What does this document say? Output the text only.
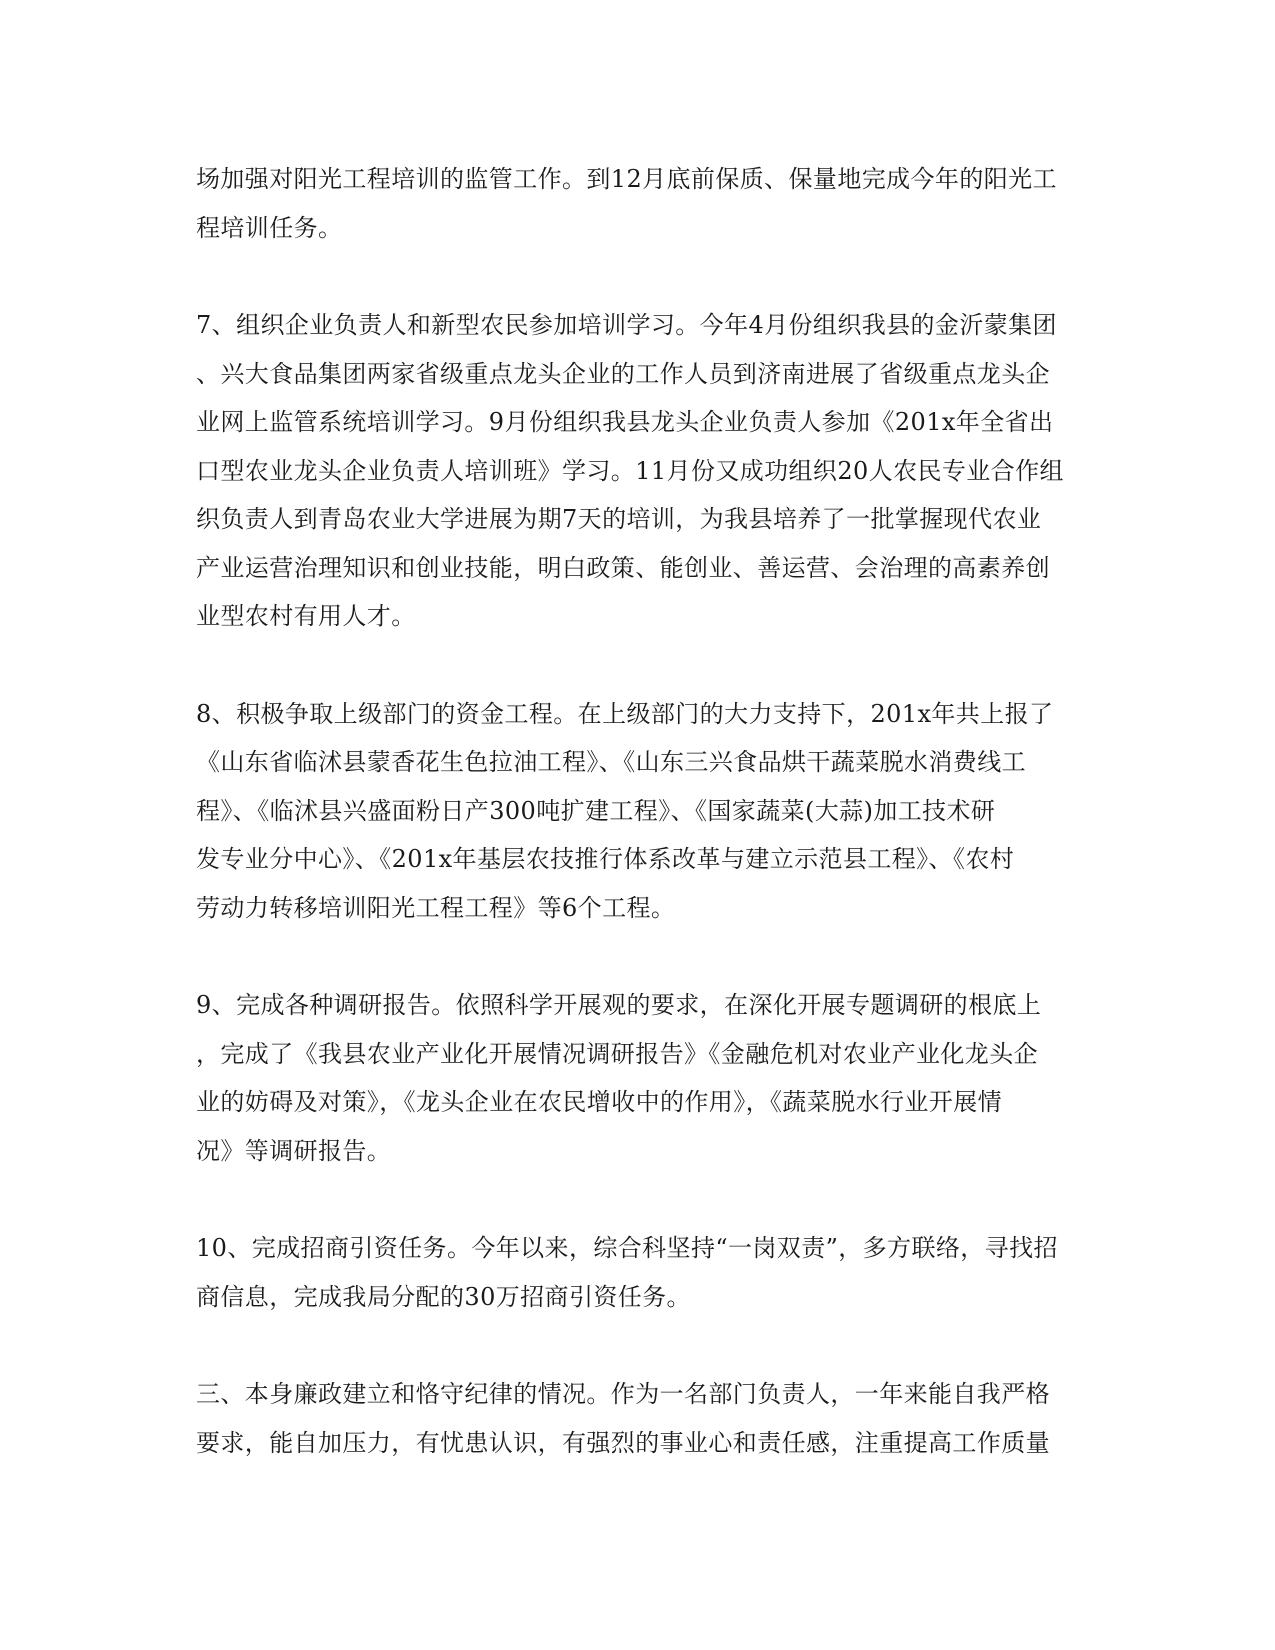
场加强对阳光工程培训的监管工作。到12月底前保质、保量地完成今年的阳光工
程培训任务。

7、组织企业负责人和新型农民参加培训学习。今年4月份组织我县的金沂蒙集团
、兴大食品集团两家省级重点龙头企业的工作人员到济南进展了省级重点龙头企
业网上监管系统培训学习。9月份组织我县龙头企业负责人参加《201x年全省出
口型农业龙头企业负责人培训班》学习。11月份又成功组织20人农民专业合作组
织负责人到青岛农业大学进展为期7天的培训，为我县培养了一批掌握现代农业
产业运营治理知识和创业技能，明白政策、能创业、善运营、会治理的高素养创
业型农村有用人才。

8、积极争取上级部门的资金工程。在上级部门的大力支持下，201x年共上报了
《山东省临沭县蒙香花生色拉油工程》、《山东三兴食品烘干蔬菜脱水消费线工
程》、《临沭县兴盛面粉日产300吨扩建工程》、《国家蔬菜(大蒜)加工技术研
发专业分中心》、《201x年基层农技推行体系改革与建立示范县工程》、《农村
劳动力转移培训阳光工程工程》等6个工程。

9、完成各种调研报告。依照科学开展观的要求，在深化开展专题调研的根底上
，完成了《我县农业产业化开展情况调研报告》《金融危机对农业产业化龙头企
业的妨碍及对策》，《龙头企业在农民增收中的作用》，《蔬菜脱水行业开展情
况》等调研报告。

10、完成招商引资任务。今年以来，综合科坚持“一岗双责”，多方联络，寻找招
商信息，完成我局分配的30万招商引资任务。

三、本身廉政建立和恪守纪律的情况。作为一名部门负责人，一年来能自我严格
要求，能自加压力，有忧患认识，有强烈的事业心和责任感，注重提高工作质量
